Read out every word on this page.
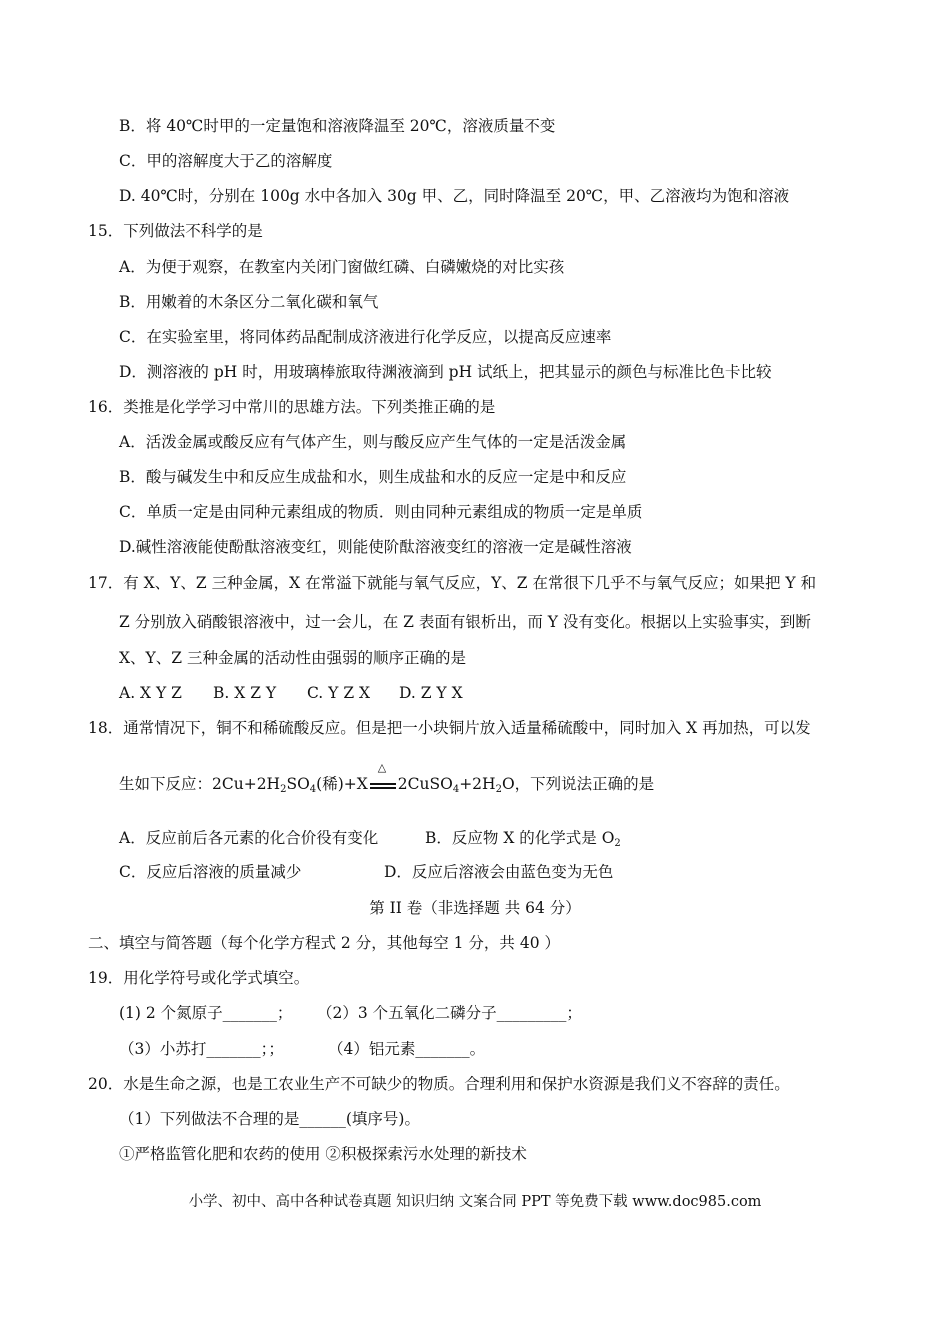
B．将 40℃时甲的一定量饱和溶液降温至 20℃，溶液质量不变
C．甲的溶解度大于乙的溶解度
D. 40℃时，分别在 100g 水中各加入 30g 甲、乙，同时降温至 20℃，甲、乙溶液均为饱和溶液
15．下列做法不科学的是
A．为便于观察，在教室内关闭门窗做红磷、白磷嫩烧的对比实孩
B．用嫩着的木条区分二氧化碳和氧气
C．在实验室里，将同体药品配制成济液进行化学反应，以提高反应速率
D．测溶液的 pH 时，用玻璃棒旅取待渊液滴到 pH 试纸上，把其显示的颜色与标准比色卡比较
16．类推是化学学习中常川的思雄方法。下列类推正确的是
A．活泼金属或酸反应有气体产生，则与酸反应产生气体的一定是活泼金属
B．酸与碱发生中和反应生成盐和水，则生成盐和水的反应一定是中和反应
C．单质一定是由同种元素组成的物质．则由同种元素组成的物质一定是单质
D.碱性溶液能使酚酞溶液变红，则能使阶酞溶液变红的溶液一定是碱性溶液
17．有 X、Y、Z 三种金属，X 在常溢下就能与氧气反应，Y、Z 在常很下几乎不与氧气反应；如果把 Y 和
Z 分别放入硝酸银溶液中，过一会儿，在 Z 表面有银析出，而 Y 没有变化。根据以上实验事实，到断
X、Y、Z 三种金属的活动性由强弱的顺序正确的是
A. X Y Z B. X Z Y C. Y Z X D. Z Y X
18．通常情况下，铜不和稀硫酸反应。但是把一小块铜片放入适量稀硫酸中，同时加入 X 再加热，可以发
生如下反应：$2Cu+2H_2SO_4$(稀)+X
△
$2CuSO_4+2H_2O$，下列说法正确的是
A．反应前后各元素的化合价役有变化	B．反应物 X 的化学式是 $O_2$
C．反应后溶液的质量减少	D．反应后溶液会由蓝色变为无色
第 II 卷（非选择题 共 64 分）
二、填空与简答题（每个化学方程式 2 分，其他每空 1 分，共 40 ）
19．用化学符号或化学式填空。
(1) 2 个氮原子_______； （2）3 个五氧化二磷分子_________；
（3）小苏打_______；；	（4）铝元素_______。
20．水是生命之源，也是工农业生产不可缺少的物质。合理利用和保护水资源是我们义不容辞的责任。
（1）下列做法不合理的是______(填序号)。
①严格监管化肥和农药的使用 ②积极探索污水处理的新技术
小学、初中、高中各种试卷真题 知识归纳 文案合同 PPT 等免费下载 www.doc985.com
